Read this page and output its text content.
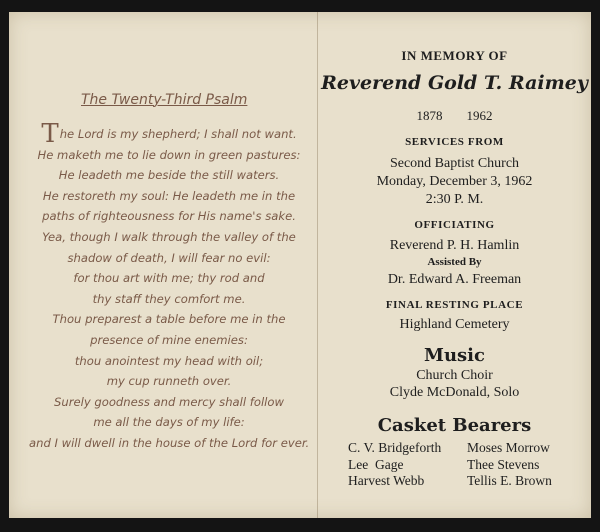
The Twenty-Third Psalm
The Lord is my shepherd; I shall not want.
He maketh me to lie down in green pastures:
He leadeth me beside the still waters.
He restoreth my soul: He leadeth me in the
paths of righteousness for His name's sake.
Yea, though I walk through the valley of the
shadow of death, I will fear no evil:
for thou art with me; thy rod and
thy staff they comfort me.
Thou preparest a table before me in the
presence of mine enemies:
thou anointest my head with oil;
my cup runneth over.
Surely goodness and mercy shall follow
me all the days of my life:
and I will dwell in the house of the Lord for ever.
IN MEMORY OF
Reverend Gold T. Raimey
1878 1962
SERVICES FROM
Second Baptist Church
Monday, December 3, 1962
2:30 P. M.
OFFICIATING
Reverend P. H. Hamlin
Assisted By
Dr. Edward A. Freeman
FINAL RESTING PLACE
Highland Cemetery
Music
Church Choir
Clyde McDonald, Solo
Casket Bearers
C. V. Bridgeforth
Lee  Gage
Harvest Webb
Moses Morrow
Thee Stevens
Tellis E. Brown
